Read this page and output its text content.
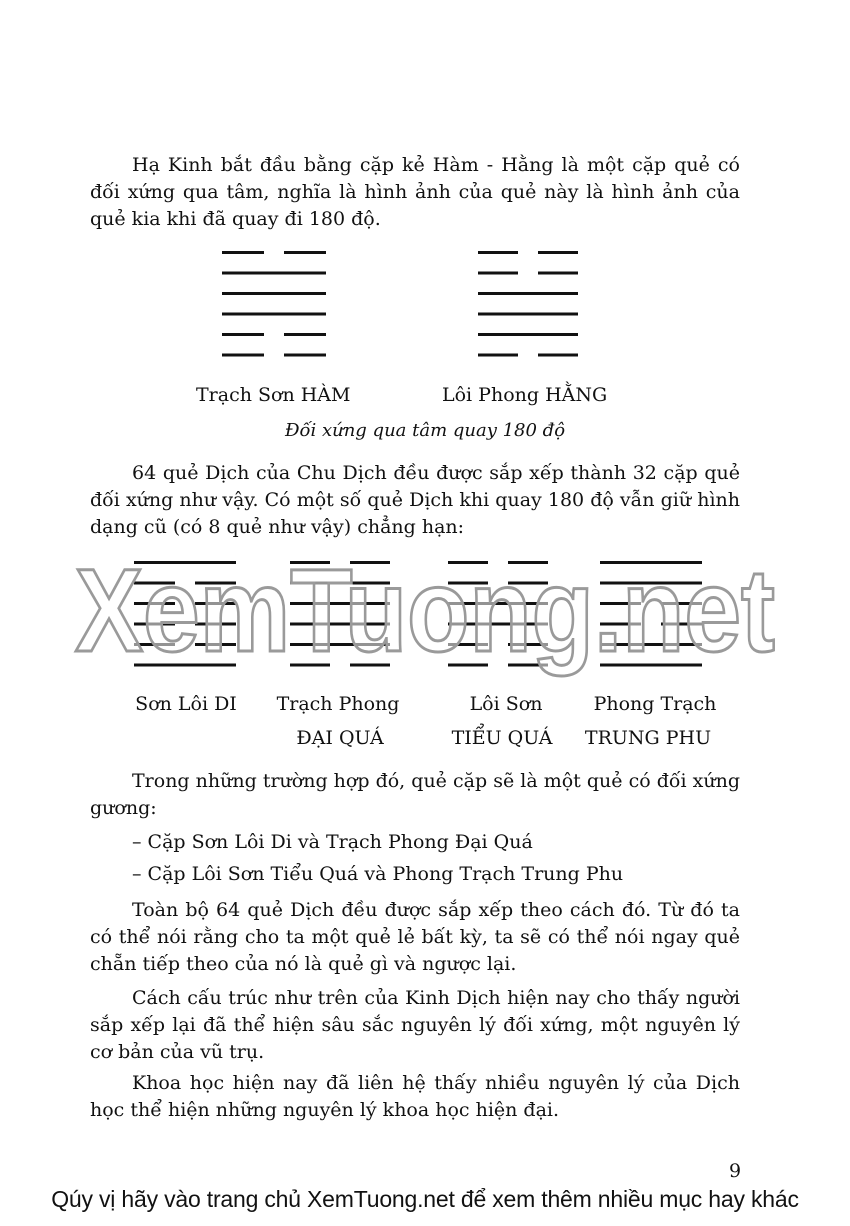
Hạ Kinh bắt đầu bằng cặp kẻ Hàm - Hằng là một cặp quẻ có đối xứng qua tâm, nghĩa là hình ảnh của quẻ này là hình ảnh của quẻ kia khi đã quay đi 180 độ.

Trạch Sơn HÀM	Lôi Phong HẰNG
Đối xứng qua tâm quay 180 độ

64 quẻ Dịch của Chu Dịch đều được sắp xếp thành 32 cặp quẻ đối xứng như vậy. Có một số quẻ Dịch khi quay 180 độ vẫn giữ hình dạng cũ (có 8 quẻ như vậy) chẳng hạn:

XemTuong.net
Sơn Lôi DI Trạch Phong
ĐẠI QUÁ
Lôi Sơn
TIỂU QUÁ
Phong Trạch
TRUNG PHU

Trong những trường hợp đó, quẻ cặp sẽ là một quẻ có đối xứng gương:

– Cặp Sơn Lôi Di và Trạch Phong Đại Quá

– Cặp Lôi Sơn Tiểu Quá và Phong Trạch Trung Phu

Toàn bộ 64 quẻ Dịch đều được sắp xếp theo cách đó. Từ đó ta có thể nói rằng cho ta một quẻ lẻ bất kỳ, ta sẽ có thể nói ngay quẻ chẵn tiếp theo của nó là quẻ gì và ngược lại.

Cách cấu trúc như trên của Kinh Dịch hiện nay cho thấy người sắp xếp lại đã thể hiện sâu sắc nguyên lý đối xứng, một nguyên lý cơ bản của vũ trụ.

Khoa học hiện nay đã liên hệ thấy nhiều nguyên lý của Dịch học thể hiện những nguyên lý khoa học hiện đại.

9
Qúy vị hãy vào trang chủ XemTuong.net để xem thêm nhiều mục hay khác
